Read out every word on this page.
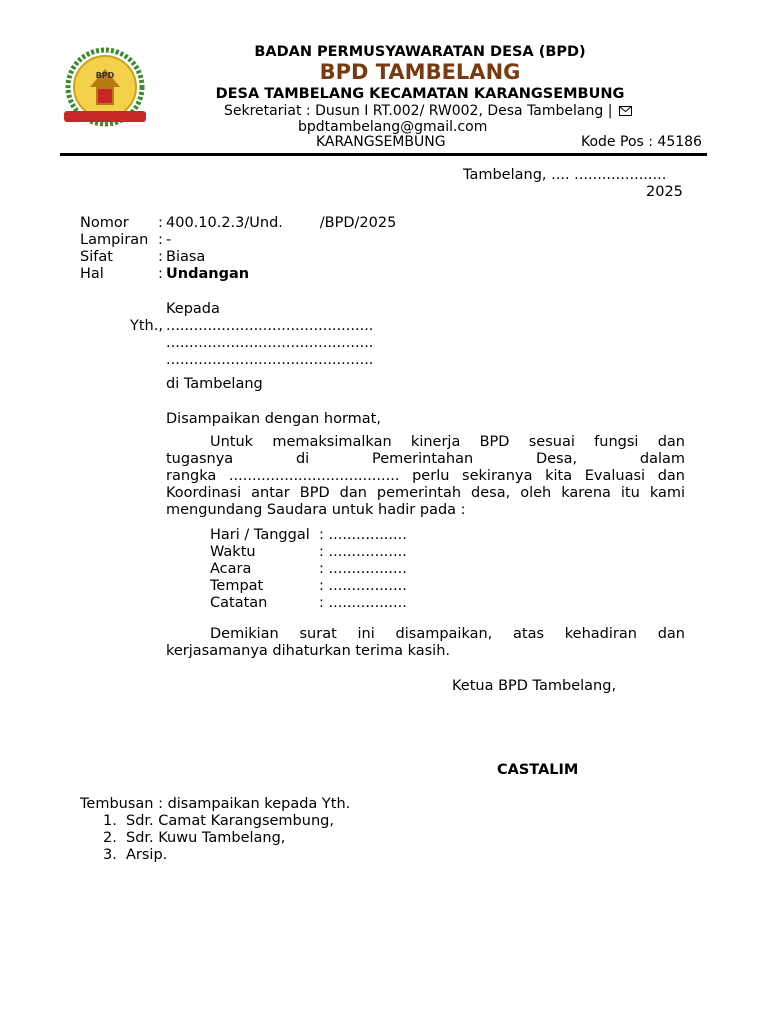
BPD
BADAN PERMUSYAWARATAN DESA (BPD)
BPD TAMBELANG
DESA TAMBELANG KECAMATAN KARANGSEMBUNG
Sekretariat : Dusun I RT.002/ RW002, Desa Tambelang |
bpdtambelang@gmail.com
KARANGSEMBUNG	Kode Pos : 45186
Tambelang, .... ....................
2025
Nomor : 400.10.2.3/Und.        /BPD/2025
Lampiran : -
Sifat	: Biasa
Hal	: Undangan
Kepada
Yth., .............................................
.............................................
.............................................
di Tambelang
Disampaikan dengan hormat,
Untuk memaksimalkan kinerja BPD sesuai fungsi dan
tugasnya di Pemerintahan Desa, dalam
rangka ..................................... perlu sekiranya kita Evaluasi dan
Koordinasi antar BPD dan pemerintah desa, oleh karena itu kami
mengundang Saudara untuk hadir pada :
Hari / Tanggal : .................
Waktu	: .................
Acara	: .................
Tempat	: .................
Catatan	: .................
Demikian surat ini disampaikan, atas kehadiran dan
kerjasamanya dihaturkan terima kasih.
Ketua BPD Tambelang,
CASTALIM
Tembusan : disampaikan kepada Yth.
1. Sdr. Camat Karangsembung,
2. Sdr. Kuwu Tambelang,
3. Arsip.
